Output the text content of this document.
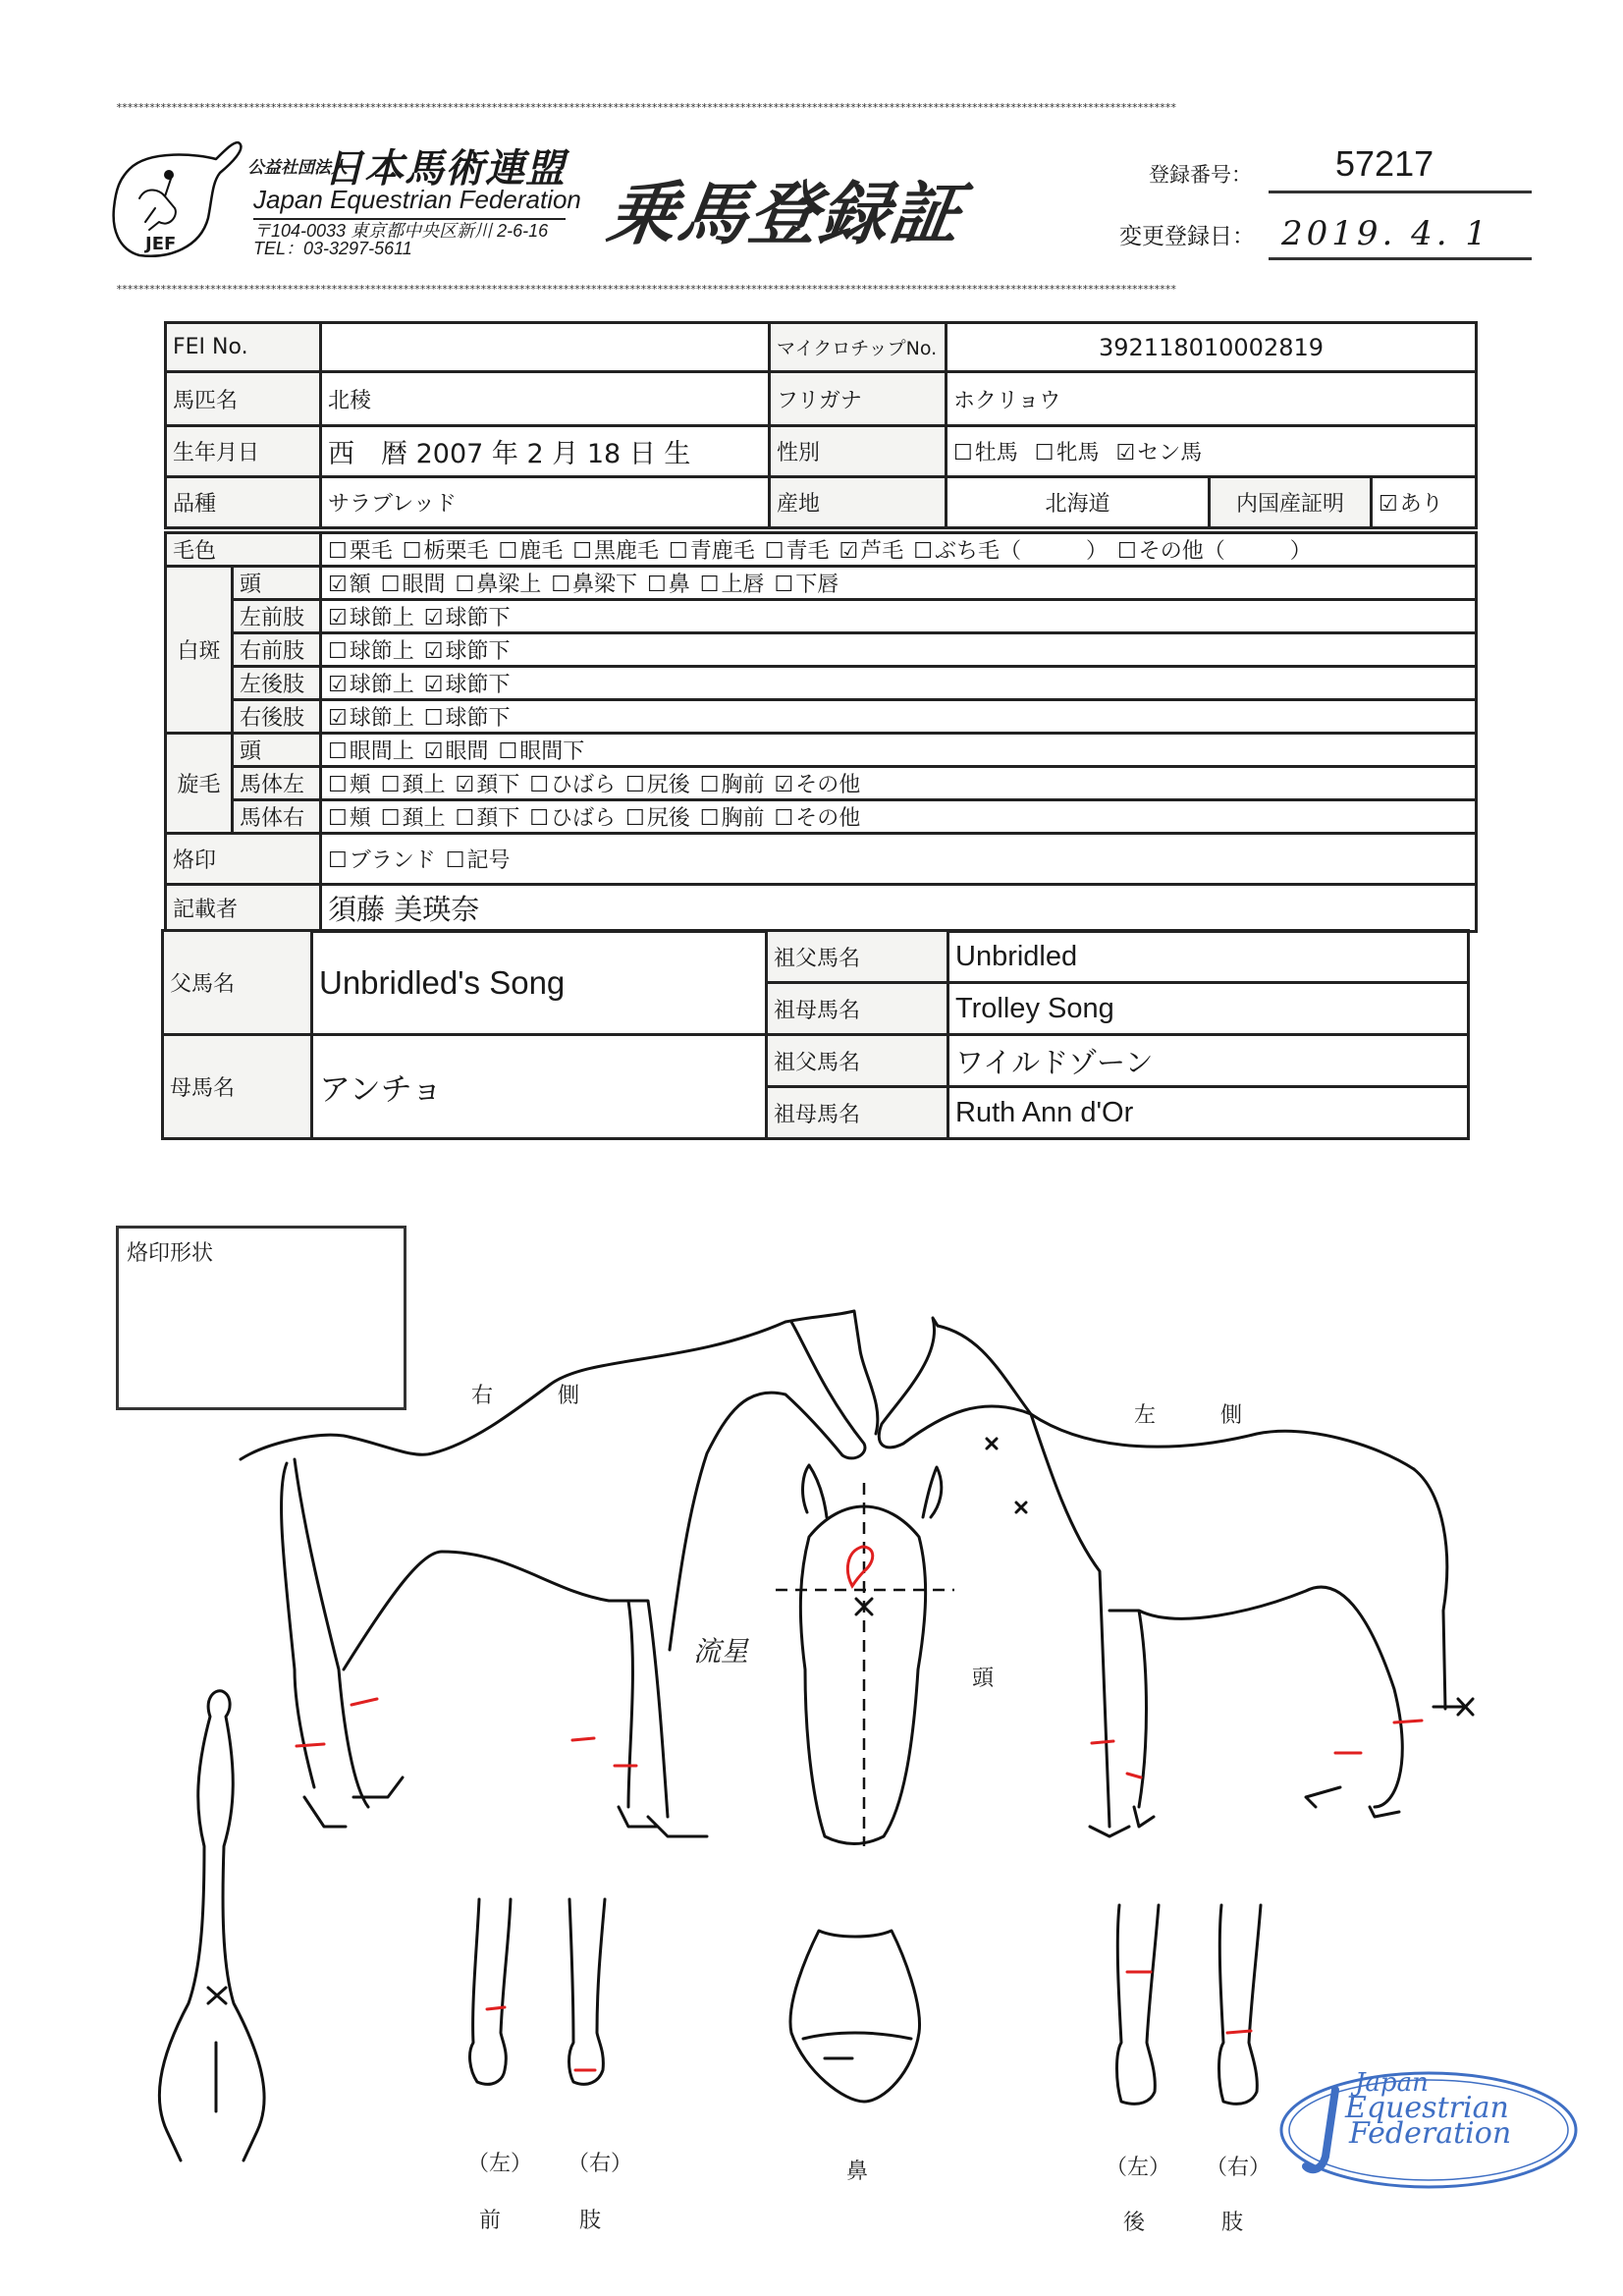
************************************************************************************************************************************************************************************************
JEF
公益社団法人
日本馬術連盟
Japan Equestrian Federation
〒104-0033 東京都中央区新川 2-6-16
TEL：03-3297-5611	乗馬登録証	登録番号： 57217
変更登録日： 2019. 4. 1
************************************************************************************************************************************************************************************************
FEI No.		マイクロチップNo.	392118010002819		
馬匹名	北稜	フリガナ	ホクリョウ		
生年月日	西　暦 2007 年 2 月 18 日 生	性別	☐牡馬 ☐牝馬 ☑セン馬		
品種	サラブレッド	産地	北海道	内国産証明	☑あり
毛色		☐栗毛 ☐栃栗毛 ☐鹿毛 ☐黒鹿毛 ☐青鹿毛 ☐青毛 ☑芦毛 ☐ぶち毛（　　　） ☐その他（　　　）
白斑	頭	☑額 ☐眼間 ☐鼻梁上 ☐鼻梁下 ☐鼻 ☐上唇 ☐下唇
	左前肢	☑球節上 ☑球節下
	右前肢	☐球節上 ☑球節下
	左後肢	☑球節上 ☑球節下
	右後肢	☑球節上 ☐球節下
旋毛	頭	☐眼間上 ☑眼間 ☐眼間下
	馬体左	☐頬 ☐頚上 ☑頚下 ☐ひばら ☐尻後 ☐胸前 ☑その他
	馬体右	☐頬 ☐頚上 ☐頚下 ☐ひばら ☐尻後 ☐胸前 ☐その他
烙印		☐ブランド ☐記号
記載者		須藤 美瑛奈
父馬名	Unbridled's Song	祖父馬名	Unbridled
		祖母馬名	Trolley Song
母馬名	アンチョ	祖父馬名	ワイルドゾーン
		祖母馬名	Ruth Ann d'Or
烙印形状
右　　　側
左　　　側
頭
流星
（左） （右）
前	肢
鼻	（左） （右）
後	肢
Japan
Equestrian
Federation
